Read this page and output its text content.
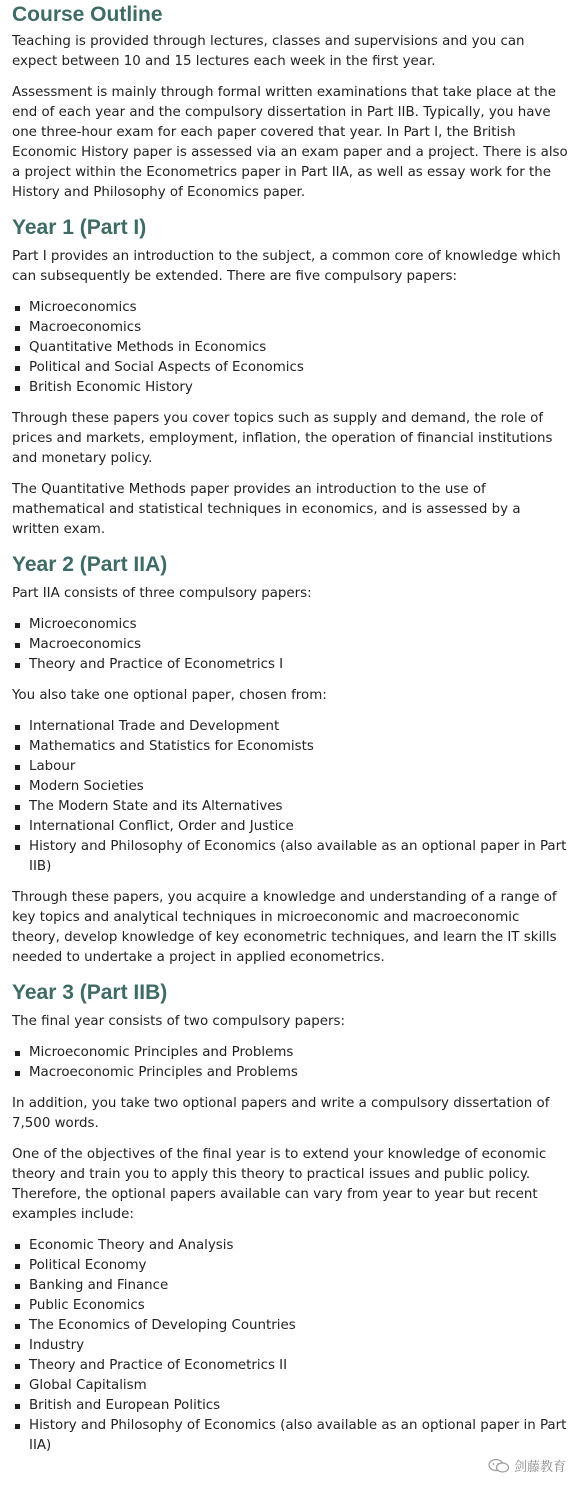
Course Outline

Teaching is provided through lectures, classes and supervisions and you can expect between 10 and 15 lectures each week in the first year.

Assessment is mainly through formal written examinations that take place at the end of each year and the compulsory dissertation in Part IIB. Typically, you have one three-hour exam for each paper covered that year. In Part I, the British Economic History paper is assessed via an exam paper and a project. There is also a project within the Econometrics paper in Part IIA, as well as essay work for the History and Philosophy of Economics paper.

Year 1 (Part I)

Part I provides an introduction to the subject, a common core of knowledge which can subsequently be extended. There are five compulsory papers:

Microeconomics
Macroeconomics
Quantitative Methods in Economics
Political and Social Aspects of Economics
British Economic History

Through these papers you cover topics such as supply and demand, the role of prices and markets, employment, inflation, the operation of financial institutions and monetary policy.

The Quantitative Methods paper provides an introduction to the use of mathematical and statistical techniques in economics, and is assessed by a written exam.

Year 2 (Part IIA)

Part IIA consists of three compulsory papers:

Microeconomics
Macroeconomics
Theory and Practice of Econometrics I

You also take one optional paper, chosen from:

International Trade and Development
Mathematics and Statistics for Economists
Labour
Modern Societies
The Modern State and its Alternatives
International Conflict, Order and Justice
History and Philosophy of Economics (also available as an optional paper in Part IIB)

Through these papers, you acquire a knowledge and understanding of a range of key topics and analytical techniques in microeconomic and macroeconomic theory, develop knowledge of key econometric techniques, and learn the IT skills needed to undertake a project in applied econometrics.

Year 3 (Part IIB)

The final year consists of two compulsory papers:

Microeconomic Principles and Problems
Macroeconomic Principles and Problems

In addition, you take two optional papers and write a compulsory dissertation of 7,500 words.

One of the objectives of the final year is to extend your knowledge of economic theory and train you to apply this theory to practical issues and public policy. Therefore, the optional papers available can vary from year to year but recent examples include:

Economic Theory and Analysis
Political Economy
Banking and Finance
Public Economics
The Economics of Developing Countries
Industry
Theory and Practice of Econometrics II
Global Capitalism
British and European Politics
History and Philosophy of Economics (also available as an optional paper in Part IIA)
剑藤教育
